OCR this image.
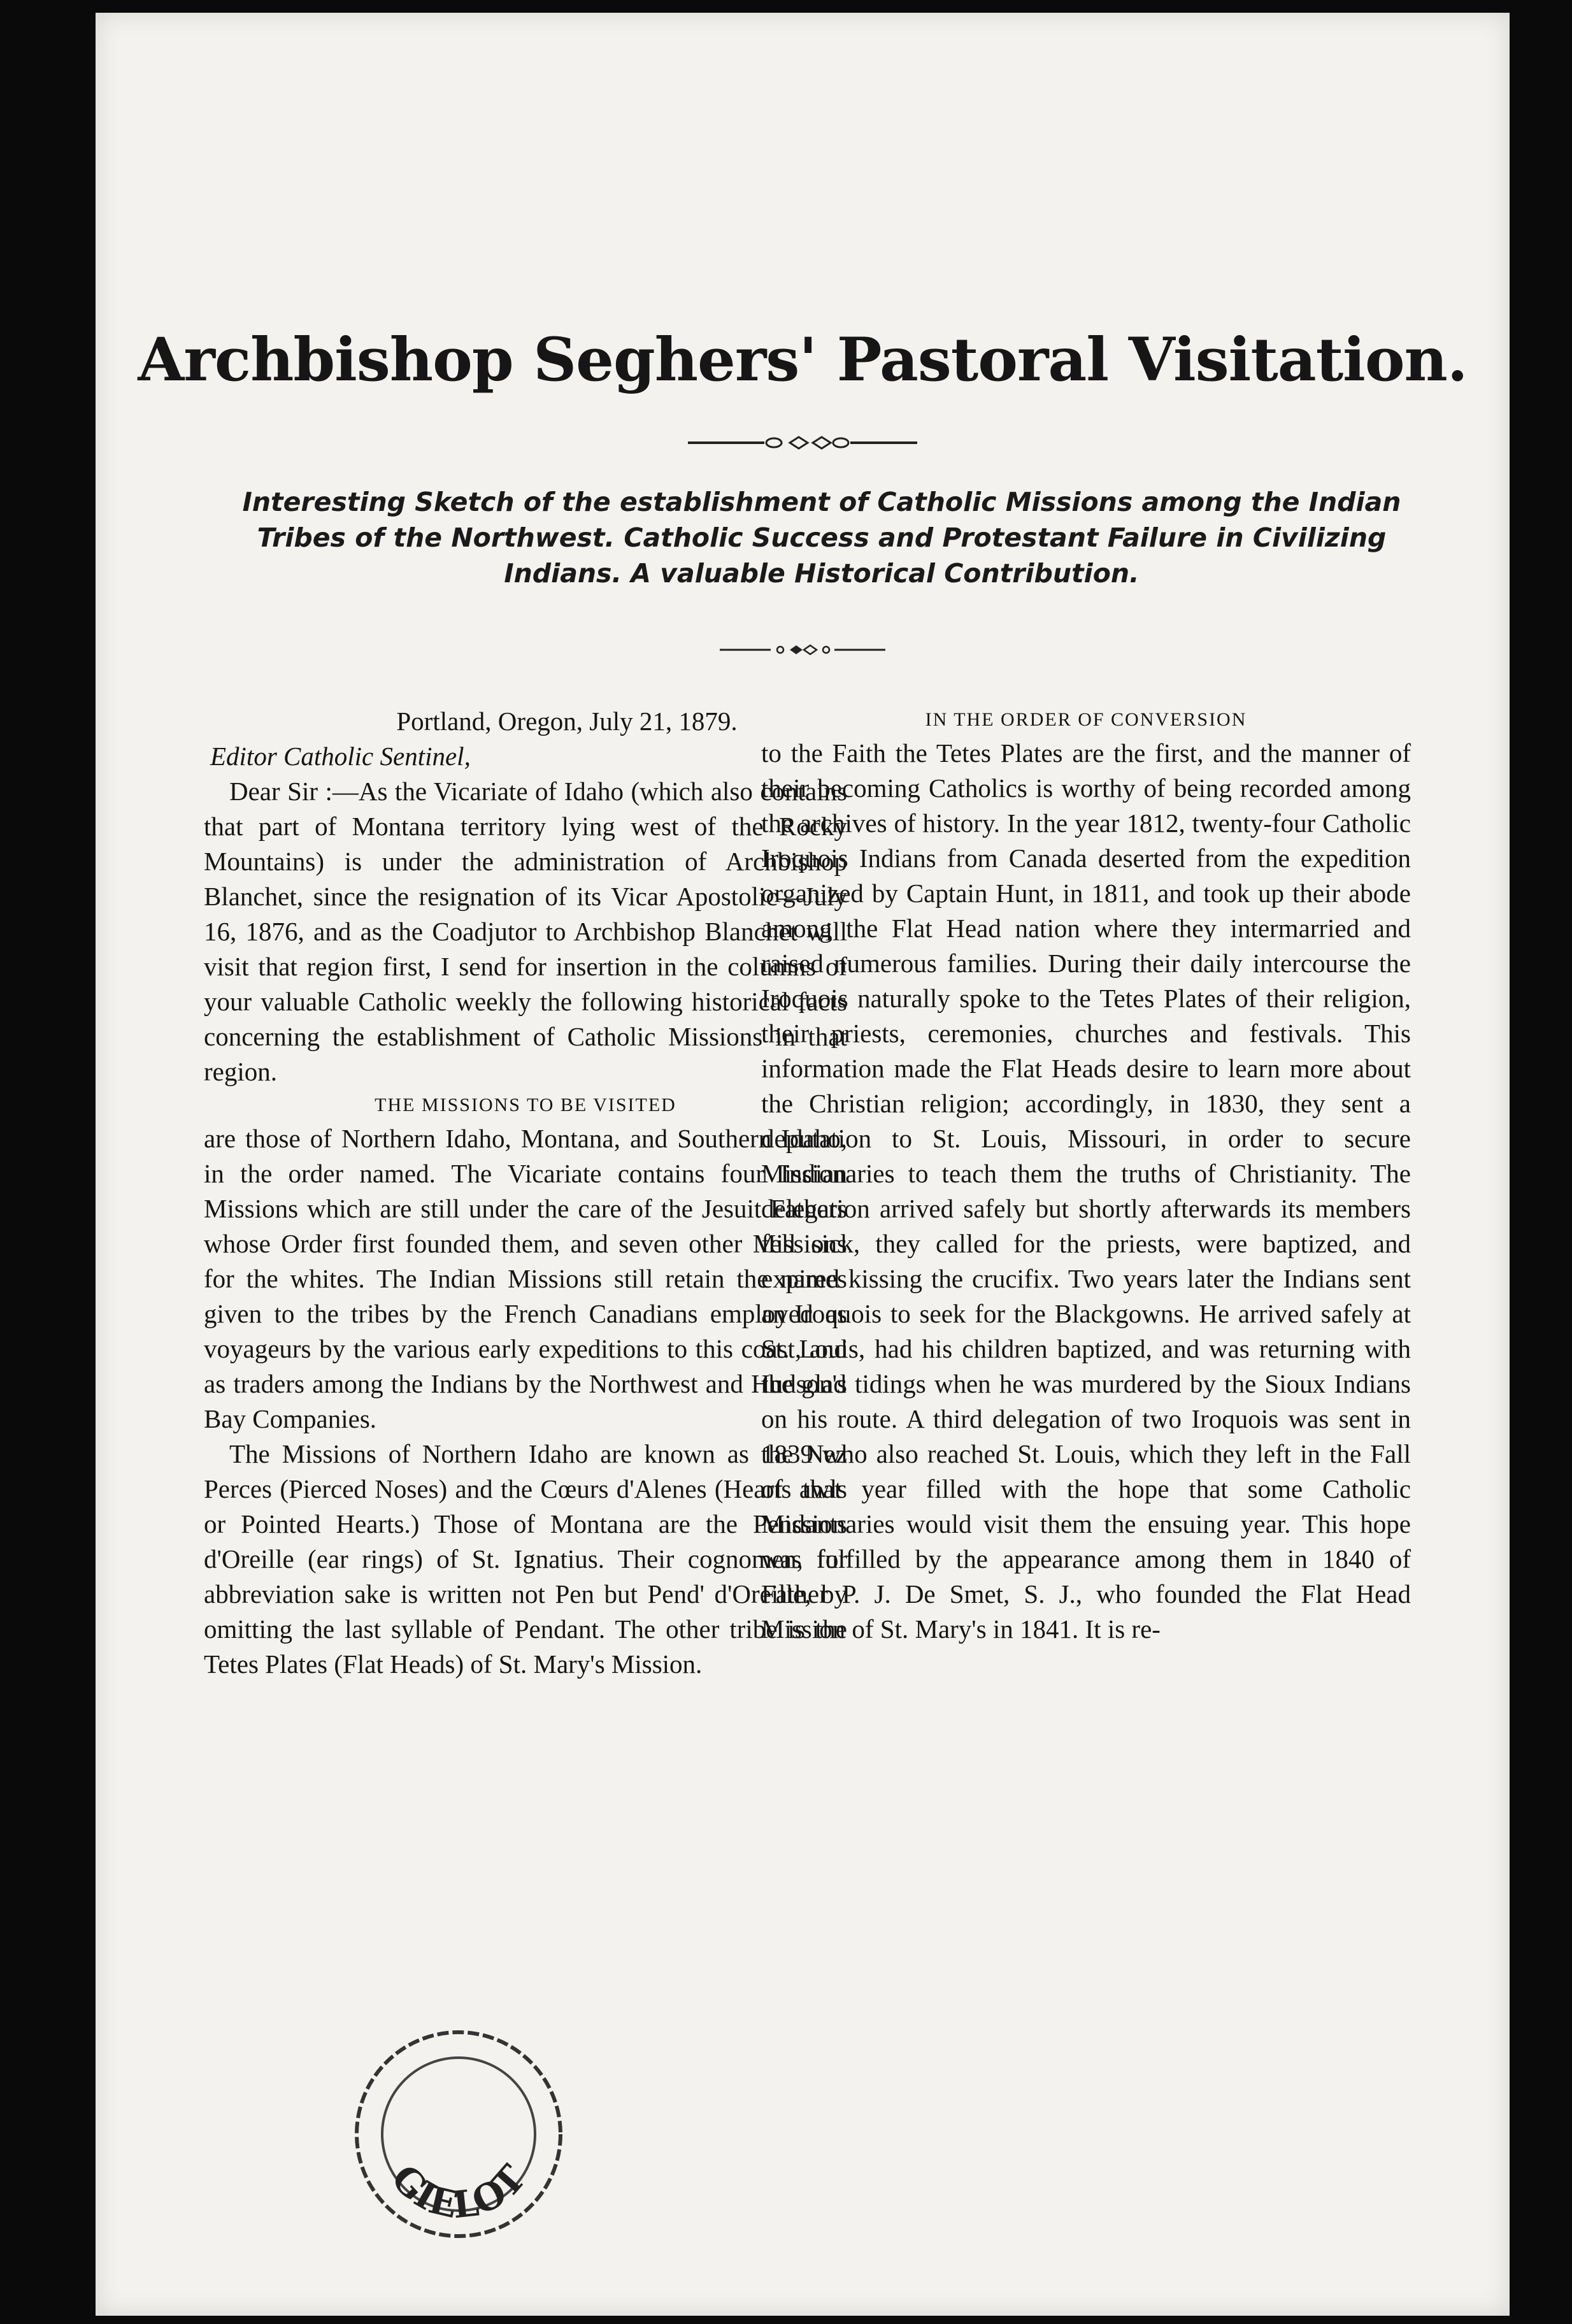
Archbishop Seghers' Pastoral Visitation.
Interesting Sketch of the establishment of Catholic Missions among the Indian Tribes of the Northwest. Catholic Success and Protestant Failure in Civilizing Indians. A valuable Historical Contribution.

Portland, Oregon, July 21, 1879.

Editor Catholic Sentinel,

Dear Sir :—As the Vicariate of Idaho (which also contains that part of Montana territory lying west of the Rocky Mountains) is under the administration of Archbishop Blanchet, since the resignation of its Vicar Apostolic—July 16, 1876, and as the Coadjutor to Archbishop Blanchet will visit that region first, I send for insertion in the columns of your valuable Catholic weekly the following historical facts concerning the establishment of Catholic Missions in that region.

THE MISSIONS TO BE VISITED

are those of Northern Idaho, Montana, and Southern Idaho, in the order named. The Vicariate contains four Indian Missions which are still under the care of the Jesuit Fathers whose Order first founded them, and seven other Missions for the whites. The Indian Missions still retain the names given to the tribes by the French Canadians employed as voyageurs by the various early expeditions to this coast, and as traders among the Indians by the Northwest and Hudson's Bay Companies.

The Missions of Northern Idaho are known as the Nez Perces (Pierced Noses) and the Cœurs d'Alenes (Hearts awls or Pointed Hearts.) Those of Montana are the Pendants d'Oreille (ear rings) of St. Ignatius. Their cognomen, for abbreviation sake is written not Pen but Pend' d'Oreille, by omitting the last syllable of Pendant. The other tribe is the Tetes Plates (Flat Heads) of St. Mary's Mission.

IN THE ORDER OF CONVERSION

to the Faith the Tetes Plates are the first, and the manner of their becoming Catholics is worthy of being recorded among the archives of history. In the year 1812, twenty-four Catholic Iroquois Indians from Canada deserted from the expedition organized by Captain Hunt, in 1811, and took up their abode among the Flat Head nation where they intermarried and raised numerous families. During their daily intercourse the Iroquois naturally spoke to the Tetes Plates of their religion, their priests, ceremonies, churches and festivals. This information made the Flat Heads desire to learn more about the Christian religion; accordingly, in 1830, they sent a deputation to St. Louis, Missouri, in order to secure Missionaries to teach them the truths of Christianity. The delegation arrived safely but shortly afterwards its members fell sick, they called for the priests, were baptized, and expired kissing the crucifix. Two years later the Indians sent an Iroquois to seek for the Blackgowns. He arrived safely at St. Louis, had his children baptized, and was returning with the glad tidings when he was murdered by the Sioux Indians on his route. A third delegation of two Iroquois was sent in 1839 who also reached St. Louis, which they left in the Fall of that year filled with the hope that some Catholic Missionaries would visit them the ensuing year. This hope was fulfilled by the appearance among them in 1840 of Father P. J. De Smet, S. J., who founded the Flat Head Mission of St. Mary's in 1841. It is re-

GIELOT
